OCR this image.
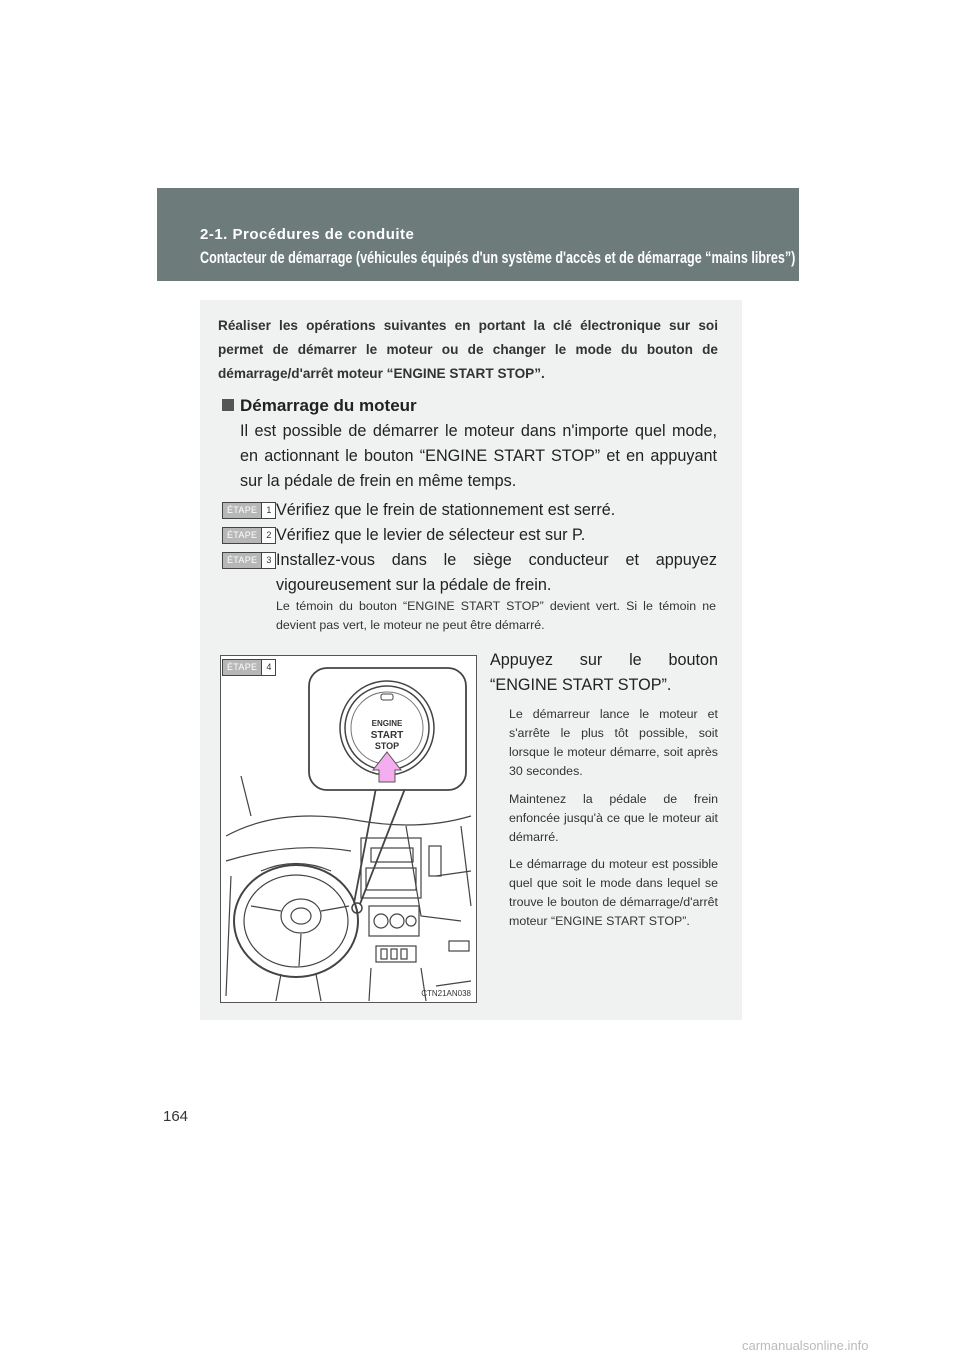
2-1. Procédures de conduite
Contacteur de démarrage (véhicules équipés d'un système d'accès et de démarrage “mains libres”)
Réaliser les opérations suivantes en portant la clé électronique sur soi permet de démarrer le moteur ou de changer le mode du bouton de démarrage/d'arrêt moteur “ENGINE START STOP”.
Démarrage du moteur
Il est possible de démarrer le moteur dans n'importe quel mode, en actionnant le bouton “ENGINE START STOP” et en appuyant sur la pédale de frein en même temps.
ÉTAPE	1 Vérifiez que le frein de stationnement est serré.
ÉTAPE	2 Vérifiez que le levier de sélecteur est sur P.
ÉTAPE	3 Installez-vous dans le siège conducteur et appuyez vigoureusement sur la pédale de frein.
Le témoin du bouton “ENGINE START STOP” devient vert. Si le témoin ne devient pas vert, le moteur ne peut être démarré.
ÉTAPE	4
ENGINE
START
STOP
CTN21AN038
Appuyez sur le bouton “ENGINE START STOP”.
Le démarreur lance le moteur et s'arrête le plus tôt possible, soit lorsque le moteur démarre, soit après 30 secondes.
Maintenez la pédale de frein enfoncée jusqu'à ce que le moteur ait démarré.
Le démarrage du moteur est possible quel que soit le mode dans lequel se trouve le bouton de démarrage/d'arrêt moteur “ENGINE START STOP”.
164
carmanualsonline.info
